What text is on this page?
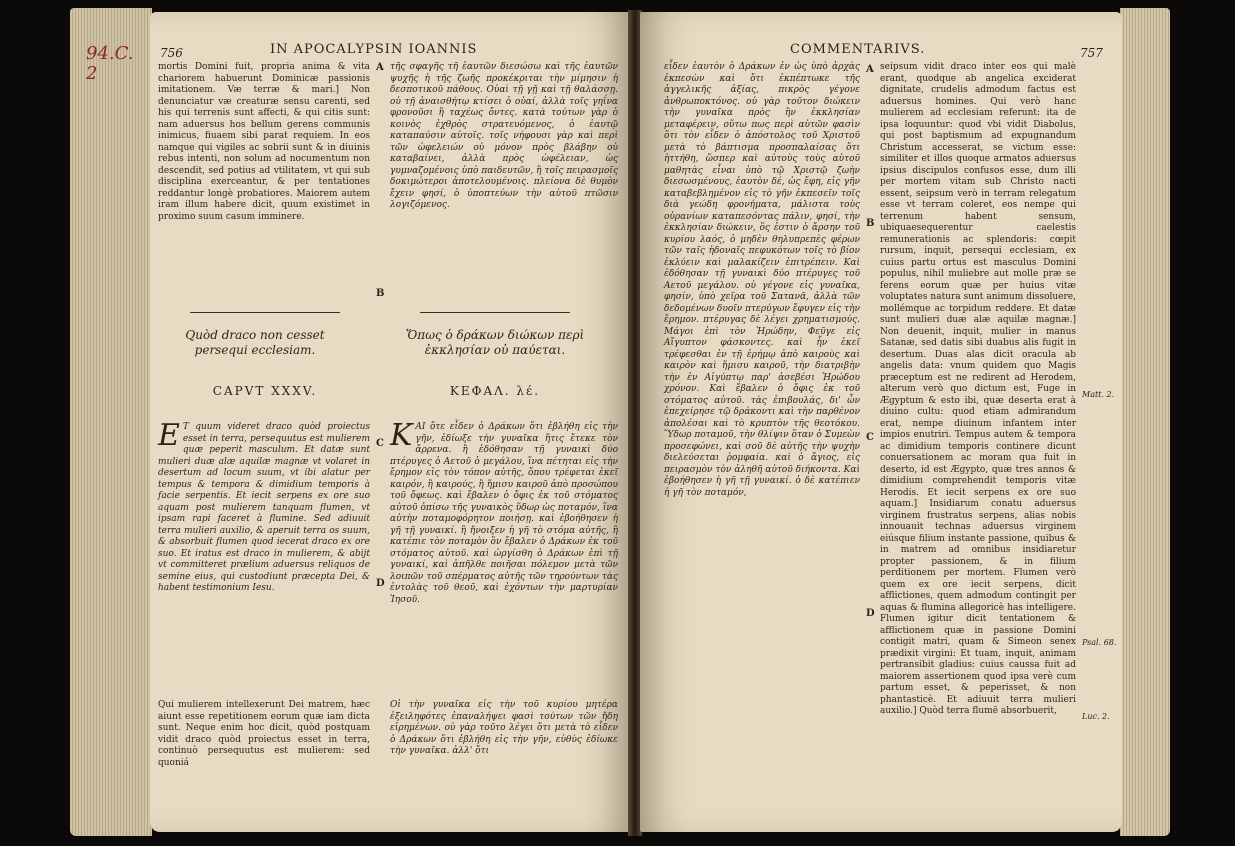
94.C. 2
756	IN APOCALYPSIN IOANNIS
mortis Domini fuit, propria anima & vita chariorem habuerunt Dominicæ passionis imitationem. Væ terræ & mari.] Non denunciatur væ creaturæ sensu carenti, sed his qui terrenis sunt affecti, & qui citis sunt: nam aduersus hos bellum gerens communis inimicus, fiuaem sibi parat requiem. In eos namque qui vigiles ac sobrii sunt & in diuinis rebus intenti, non solum ad nocumentum non descendit, sed potius ad vtilitatem, vt qui sub disciplina exerceantur, & per tentationes reddantur longè probatiores. Maiorem autem iram illum habere dicit, quum existimet in proximo suum casum imminere.
τῆς σφαγῆς τῆ ἑαυτῶν διεσώσω καὶ τῆς ἑαυτῶν ψυχῆς ἡ τῆς ζωῆς προκέκριται τὴν μίμησιν ἡ δεσποτικοῦ πάθους. Οὐαὶ τῇ γῇ καὶ τῇ θαλάσσῃ. οὐ τῇ ἀναισθήτῳ κτίσει ὁ οὐαί, ἀλλὰ τοῖς γηΐνα φρονοῦσι ἢ ταχέως ὄντες. κατὰ τούτων γὰρ ὁ κοινὸς ἐχθρὸς στρατευόμενος, ὁ ἑαυτῷ καταπαύσιν αὐτοῖς. τοῖς νήφουσι γὰρ καὶ περὶ τῶν ὠφελειών οὐ μόνον πρὸς βλάβην οὐ καταβαίνει, ἀλλὰ πρὸς ὠφέλειαν, ὡς γυμναζομένοις ὑπὸ παιδευτῶν, ἢ τοῖς πειρασμοῖς δοκιμώτεροι ἀποτελουμένοις. πλείονα δὲ θυμὸν ἔχειν φησί, ὁ ὑποπτεύων τὴν αὐτοῦ πτῶσιν λογιζόμενος.
A
B
Quòd draco non cesset persequi ecclesiam.
Ὅπως ὁ δράκων διώκων περὶ ἐκκλησίαν οὐ παύεται.
CAPVT XXXV.	ΚΕΦΑΛ. λέ.
E T quum videret draco quòd proiectus esset in terra, persequutus est mulierem quæ peperit masculum. Et datæ sunt mulieri duæ alæ aquilæ magnæ vt volaret in desertum ad locum suum, vt ibi alatur per tempus & tempora & dimidium temporis à facie serpentis. Et iecit serpens ex ore suo aquam post mulierem tanquam flumen, vt ipsam rapi faceret à flumine. Sed adiuuit terra mulieri auxilio, & aperuit terra os suum, & absorbuit flumen quod iecerat draco ex ore suo. Et iratus est draco in mulierem, & abijt vt committeret prælium aduersus reliquos de semine eius, qui custodiunt præcepta Dei, & habent testimonium Iesu.
ΚΑΙ ὅτε εἶδεν ὁ Δράκων ὅτι ἐβλήθη εἰς τὴν γῆν, ἐδίωξε τὴν γυναῖκα ἥτις ἔτεκε τὸν ἄρρενα. ἢ ἐδόθησαν τῇ γυναικὶ δύο πτέρυγες ὁ Αετοῦ ὁ μεγάλου, ἵνα πέτηται εἰς τὴν ἔρημον εἰς τὸν τόπον αὐτῆς, ὅπου τρέφεται ἐκεῖ καιρόν, ἢ καιρούς, ἢ ἥμισυ καιροῦ ἀπὸ προσώπου τοῦ ὄφεως. καὶ ἔβαλεν ὁ ὄφις ἐκ τοῦ στόματος αὐτοῦ ὀπίσω τῆς γυναικὸς ὕδωρ ὡς ποταμόν, ἵνα αὐτὴν ποταμοφόρητον ποιήσῃ. καὶ ἐβοήθησεν ἡ γῆ τῇ γυναικί. ἢ ἤνοιξεν ἡ γῆ τὸ στόμα αὐτῆς, ἢ κατέπιε τὸν ποταμὸν ὃν ἔβαλεν ὁ Δράκων ἐκ τοῦ στόματος αὐτοῦ. καὶ ὠργίσθη ὁ Δράκων ἐπὶ τῇ γυναικί, καὶ ἀπῆλθε ποιῆσαι πόλεμον μετὰ τῶν λοιπῶν τοῦ σπέρματος αὐτῆς τῶν τηρούντων τὰς ἐντολὰς τοῦ θεοῦ, καὶ ἐχόντων τὴν μαρτυρίαν Ἰησοῦ.
C
D
Qui mulierem intellexerunt Dei matrem, hæc aiunt esse repetitionem eorum quæ iam dicta sunt. Neque enim hoc dicit, quòd postquam vidit draco quòd proiectus esset in terra, continuò persequutus est mulierem: sed quoniá
Οἱ τὴν γυναῖκα εἰς τὴν τοῦ κυρίου μητέρα ἐξειληφότες ἐπαναλήψει φασὶ τούτων τῶν ἤδη εἰρημένων. οὐ γὰρ τοῦτο λέγει ὅτι μετὰ τὸ εἶδεν ὁ Δράκων ὅτι ἐβλήθη εἰς τὴν γῆν, εὐθὺς ἐδίωκε τὴν γυναῖκα. ἀλλ' ὅτι
COMMENTARIVS.	757
εἶδεν ἑαυτὸν ὁ Δράκων ἐν ὡς ὑπὸ ἀρχὰς ἐκπεσὼν καὶ ὅτι ἐκπέπτωκε τῆς ἀγγελικῆς ἀξίας, πικρὸς γέγονε ἀνθρωποκτόνος. οὐ γὰρ τοῦτον διώκειν τὴν γυναῖκα πρὸς ἣν ἐκκλησίαν μεταφέρειν, οὕτω πως περὶ αὐτῶν φασὶν ὅτι τὸν εἶδεν ὁ ἀπόστολος τοῦ Χριστοῦ μετὰ τὸ βάπτισμα προσπαλαίσας ὅτι ἡττήθη, ὥσπερ καὶ αὐτοὺς τοὺς αὐτοῦ μαθητὰς εἶναι ὑπὸ τῷ Χριστῷ ζωὴν διεσωσμένους, ἐαυτὸν δέ, ὡς ἔφη, εἰς γῆν καταβεβλημένον εἰς τὸ γῆν ἐκπεσεῖν τοῖς διὰ γεώδη φρονήματα, μάλιστα τοὺς οὐρανίων καταπεσόντας πάλιν, φησί, τὴν ἐκκλησίαν διώκειν, ὅς ἐστιν ὁ ἄρσην τοῦ κυρίου λαός, ὁ μηδὲν θηλυπρεπὲς φέρων τῶν ταῖς ἡδοναῖς πεφυκότων τοῖς τὸ βίον ἐκλύειν καὶ μαλακίζειν ἐπιτρέπειν. Καὶ ἐδόθησαν τῇ γυναικὶ δύο πτέρυγες τοῦ Αετοῦ μεγάλου. οὐ γέγονε εἰς γυναῖκα, φησίν, ὑπὸ χεῖρα τοῦ Σατανᾶ, ἀλλὰ τῶν δεδομένων δυοῖν πτερύγων ἔφυγεν εἰς τὴν ἔρημον. πτέρυγας δὲ λέγει χρηματισμούς. Μάγοι ἐπὶ τὸν Ἡρώδην, Φεῦγε εἰς Αἴγυπτον φάσκοντες. καὶ ἦν ἐκεῖ τρέφεσθαι ἐν τῇ ἐρήμῳ ἀπὸ καιροὺς καὶ καιρὸν καὶ ἥμισυ καιροῦ, τὴν διατριβὴν τὴν ἐν Αἰγύπτῳ παρ' ἀσεβέσι Ἡρώδου χρόνον. Καὶ ἔβαλεν ὁ ὄφις ἐκ τοῦ στόματος αὐτοῦ. τὰς ἐπιβουλάς, δι' ὧν ἐπεχείρησε τῷ δράκοντι καὶ τὴν παρθένον ἀπολέσαι καὶ τὸ κρυπτὸν τῆς θεοτόκου. Ὕδωρ ποταμοῦ, τὴν θλίψιν ὅταν ὁ Συμεὼν προσεφώνει, καὶ σοῦ δὲ αὐτῆς τὴν ψυχὴν διελεύσεται ῥομφαία. καὶ ὁ ἄγιος, εἰς πειρασμὸν τὸν ἀληθῆ αὐτοῦ διήκοντα. Καὶ ἐβοήθησεν ἡ γῆ τῇ γυναικί. ὁ δὲ κατέπιεν ἡ γῆ τὸν ποταμόν,
seipsum vidit draco inter eos qui malè erant, quodque ab angelica exciderat dignitate, crudelis admodum factus est aduersus homines. Qui verò hanc mulierem ad ecclesiam referunt: ita de ipsa loquuntur: quod vbi vidit Diabolus, qui post baptismum ad expugnandum Christum accesserat, se victum esse: similiter et illos quoque armatos aduersus ipsius discipulos confusos esse, dum illi per mortem vitam sub Christo nacti essent, seipsum verò in terram relegatum esse vt terram coleret, eos nempe qui terrenum habent sensum, ubiquaesequerentur caelestis remunerationis ac splendoris: cœpit rursum, inquit, persequi ecclesiam, ex cuius partu ortus est masculus Domini populus, nihil muliebre aut molle præ se ferens eorum quæ per huius vitæ voluptates natura sunt animum dissoluere, mollémque ac torpidum reddere. Et datæ sunt mulieri duæ alæ aquilæ magnæ.] Non deuenit, inquit, mulier in manus Satanæ, sed datis sibi duabus alis fugit in desertum. Duas alas dicit oracula ab angelis data: vnum quidem quo Magis præceptum est ne redirent ad Herodem, alterum verò quo dictum est, Fuge in Ægyptum & esto ibi, quæ deserta erat à diuino cultu: quod etiam admirandum erat, nempe diuinum infantem inter impios enutriri. Tempus autem & tempora ac dimidium temporis continere dicunt conuersationem ac moram qua fuit in deserto, id est Ægypto, quæ tres annos & dimidium comprehendit temporis vitæ Herodis. Et iecit serpens ex ore suo aquam.] Insidiarum conatu aduersus virginem frustratus serpens, alias nobis innouauit technas aduersus virginem eiúsque filium instante passione, quibus & in matrem ad omnibus insidiaretur propter passionem, & in filium perditionem per mortem. Flumen verò quem ex ore iecit serpens, dicit afflictiones, quem admodum contingit per aquas & flumina allegoricè has intelligere. Flumen igitur dicit tentationem & afflictionem quæ in passione Domini contigit matri, quam & Simeon senex prædixit virgini: Et tuam, inquit, animam pertransibit gladius: cuius caussa fuit ad maiorem assertionem quod ipsa verè cum partum esset, & peperisset, & non phantasticè. Et adiuuit terra mulieri auxilio.] Quòd terra flumē absorbuerit,
A
B
C
D
Matt. 2.
Psal. 68.
Luc. 2.
